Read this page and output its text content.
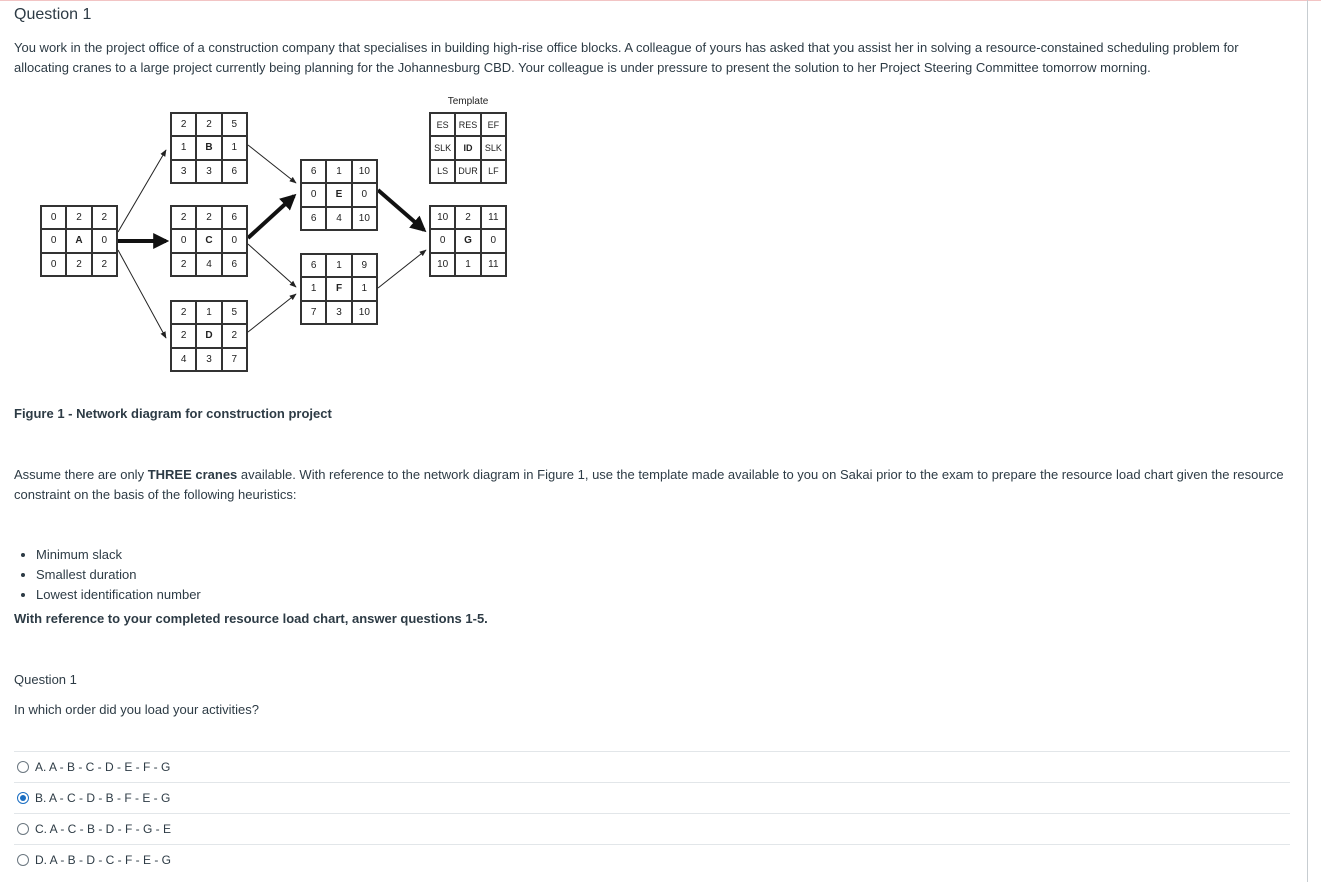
Question 1

You work in the project office of a construction company that specialises in building high-rise office blocks. A colleague of yours has asked that you assist her in solving a resource-constained scheduling problem for allocating cranes to a large project currently being planning for the Johannesburg CBD. Your colleague is under pressure to present the solution to her Project Steering Committee tomorrow morning.

Template
ES	RES	EF
SLK	ID	SLK
LS	DUR	LF
0	2	2
0	A	0
0	2	2
2	2	5
1	B	1
3	3	6
2	2	6
0	C	0
2	4	6
2	1	5
2	D	2
4	3	7
6	1	10
0	E	0
6	4	10
6	1	9
1	F	1
7	3	10
10	2	11
0	G	0
10	1	11
Figure 1 - Network diagram for construction project

Assume there are only THREE cranes available. With reference to the network diagram in Figure 1, use the template made available to you on Sakai prior to the exam to prepare the resource load chart given the resource constraint on the basis of the following heuristics:

• Minimum slack
• Smallest duration
• Lowest identification number
With reference to your completed resource load chart, answer questions 1-5.
Question 1
In which order did you load your activities?
A. A - B - C - D - E - F - G
B. A - C - D - B - F - E - G
C. A - C - B - D - F - G - E
D. A - B - D - C - F - E - G
